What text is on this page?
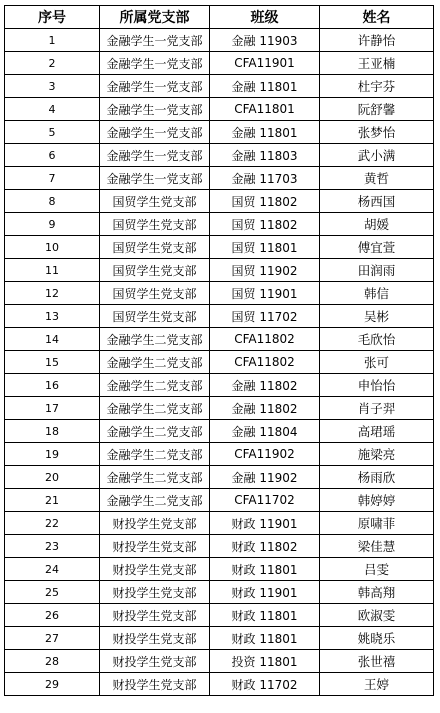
序号	所属党支部	班级	姓名
1	金融学生一党支部	金融 11903	许静怡
2	金融学生一党支部	CFA11901	王亚楠
3	金融学生一党支部	金融 11801	杜宇芬
4	金融学生一党支部	CFA11801	阮舒馨
5	金融学生一党支部	金融 11801	张梦怡
6	金融学生一党支部	金融 11803	武小满
7	金融学生一党支部	金融 11703	黄哲
8	国贸学生党支部	国贸 11802	杨西国
9	国贸学生党支部	国贸 11802	胡媛
10	国贸学生党支部	国贸 11801	傅宜萱
11	国贸学生党支部	国贸 11902	田润雨
12	国贸学生党支部	国贸 11901	韩信
13	国贸学生党支部	国贸 11702	吴彬
14	金融学生二党支部	CFA11802	毛欣怡
15	金融学生二党支部	CFA11802	张可
16	金融学生二党支部	金融 11802	申怡怡
17	金融学生二党支部	金融 11802	肖子羿
18	金融学生二党支部	金融 11804	高珺瑶
19	金融学生二党支部	CFA11902	施梁亮
20	金融学生二党支部	金融 11902	杨雨欣
21	金融学生二党支部	CFA11702	韩婷婷
22	财投学生党支部	财政 11901	原啸菲
23	财投学生党支部	财政 11802	梁佳慧
24	财投学生党支部	财政 11801	吕雯
25	财投学生党支部	财政 11901	韩高翔
26	财投学生党支部	财政 11801	欧淑雯
27	财投学生党支部	财政 11801	姚晓乐
28	财投学生党支部	投资 11801	张世禧
29	财投学生党支部	财政 11702	王婷
